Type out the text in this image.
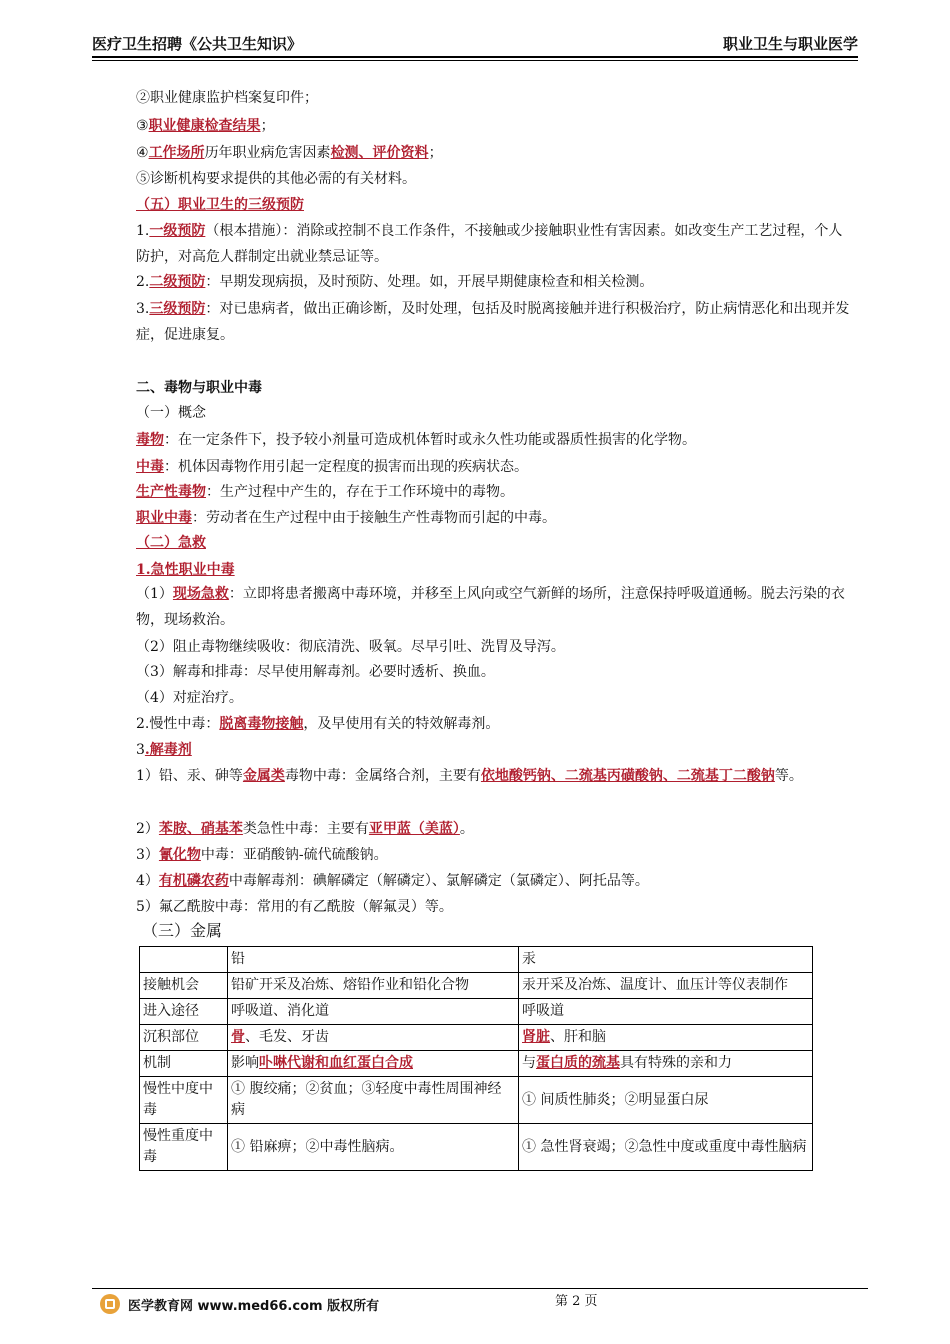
医疗卫生招聘《公共卫生知识》	职业卫生与职业医学
②职业健康监护档案复印件；
③职业健康检查结果；
④工作场所历年职业病危害因素检测、评价资料；
⑤诊断机构要求提供的其他必需的有关材料。
（五）职业卫生的三级预防
1.一级预防（根本措施）：消除或控制不良工作条件，不接触或少接触职业性有害因素。如改变生产工艺过程，个人防护，对高危人群制定出就业禁忌证等。
2.二级预防：早期发现病损，及时预防、处理。如，开展早期健康检查和相关检测。
3.三级预防：对已患病者，做出正确诊断，及时处理，包括及时脱离接触并进行积极治疗，防止病情恶化和出现并发症，促进康复。
二、毒物与职业中毒
（一）概念
毒物：在一定条件下，投予较小剂量可造成机体暂时或永久性功能或器质性损害的化学物。
中毒：机体因毒物作用引起一定程度的损害而出现的疾病状态。
生产性毒物：生产过程中产生的，存在于工作环境中的毒物。
职业中毒：劳动者在生产过程中由于接触生产性毒物而引起的中毒。
（二）急救
1.急性职业中毒
（1）现场急救：立即将患者搬离中毒环境，并移至上风向或空气新鲜的场所，注意保持呼吸道通畅。脱去污染的衣物，现场救治。
（2）阻止毒物继续吸收：彻底清洗、吸氧。尽早引吐、洗胃及导泻。
（3）解毒和排毒：尽早使用解毒剂。必要时透析、换血。
（4）对症治疗。
2.慢性中毒：脱离毒物接触，及早使用有关的特效解毒剂。
3.解毒剂
1）铅、汞、砷等金属类毒物中毒：金属络合剂，主要有依地酸钙钠、二巯基丙磺酸钠、二巯基丁二酸钠等。
2）苯胺、硝基苯类急性中毒：主要有亚甲蓝（美蓝）。
3）氰化物中毒：亚硝酸钠-硫代硫酸钠。
4）有机磷农药中毒解毒剂：碘解磷定（解磷定）、氯解磷定（氯磷定）、阿托品等。
5）氟乙酰胺中毒：常用的有乙酰胺（解氟灵）等。
（三）金属
	铅	汞
接触机会	铅矿开采及冶炼、熔铅作业和铅化合物	汞开采及冶炼、温度计、血压计等仪表制作
进入途径	呼吸道、消化道	呼吸道
沉积部位	骨、毛发、牙齿	肾脏、肝和脑
机制	影响卟啉代谢和血红蛋白合成	与蛋白质的巯基具有特殊的亲和力
慢性中度中毒	① 腹绞痛；②贫血；③轻度中毒性周围神经病	① 间质性肺炎；②明显蛋白尿
慢性重度中毒	① 铅麻痹；②中毒性脑病。	① 急性肾衰竭；②急性中度或重度中毒性脑病
医学教育网 www.med66.com 版权所有	第 2 页
